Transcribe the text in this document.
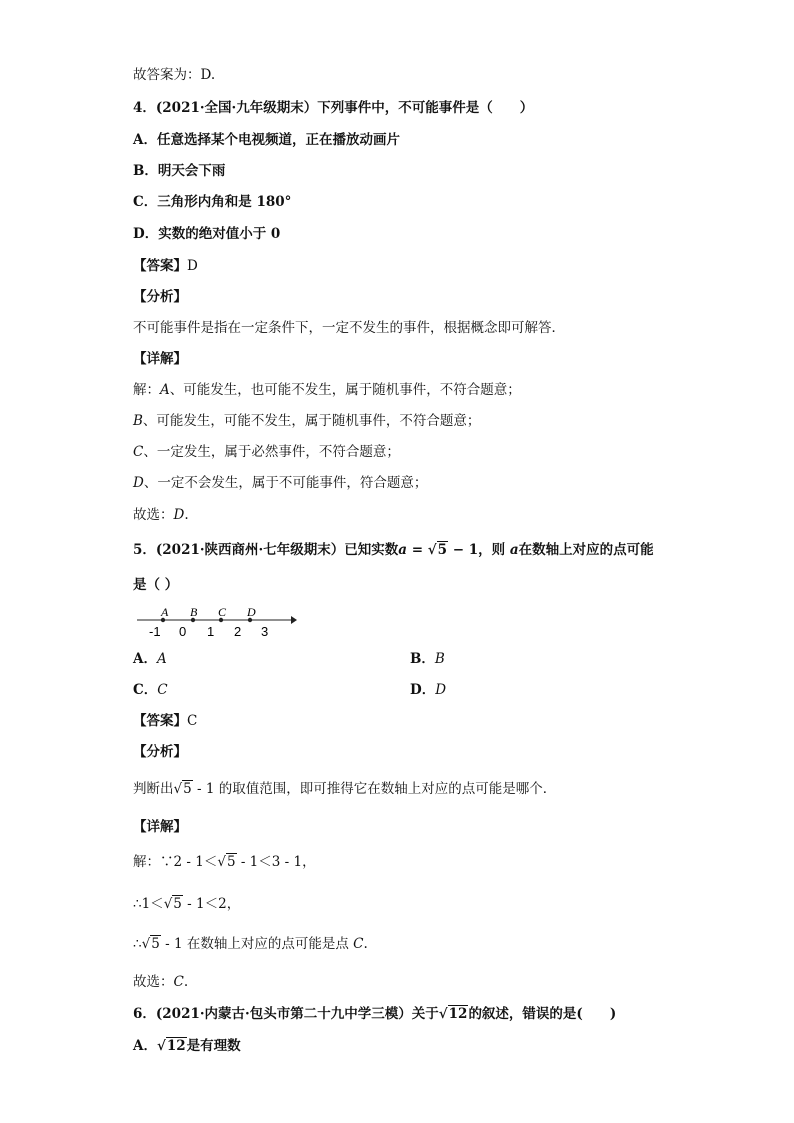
故答案为：D.
4．(2021·全国·九年级期末）下列事件中，不可能事件是（　　）
A．任意选择某个电视频道，正在播放动画片
B．明天会下雨
C．三角形内角和是 180°
D．实数的绝对值小于 0
【答案】D
【分析】
不可能事件是指在一定条件下，一定不发生的事件，根据概念即可解答．
【详解】
解：A、可能发生，也可能不发生，属于随机事件，不符合题意；
B、可能发生，可能不发生，属于随机事件，不符合题意；
C、一定发生，属于必然事件，不符合题意；
D、一定不会发生，属于不可能事件，符合题意；
故选：D.
5．(2021·陕西商州·七年级期末）已知实数a = √5 − 1，则 a在数轴上对应的点可能
是（ ）
A B C D
-1 0 1 2 3
A．A	B．B
C．C	D．D
【答案】C
【分析】
判断出√5 - 1 的取值范围，即可推得它在数轴上对应的点可能是哪个．
【详解】
解：∵2 - 1＜√5 - 1＜3 - 1，
∴1＜√5 - 1＜2，
∴√5 - 1 在数轴上对应的点可能是点 C.
故选：C.
6．(2021·内蒙古·包头市第二十九中学三模）关于√12的叙述，错误的是(　　)
A．√12是有理数
